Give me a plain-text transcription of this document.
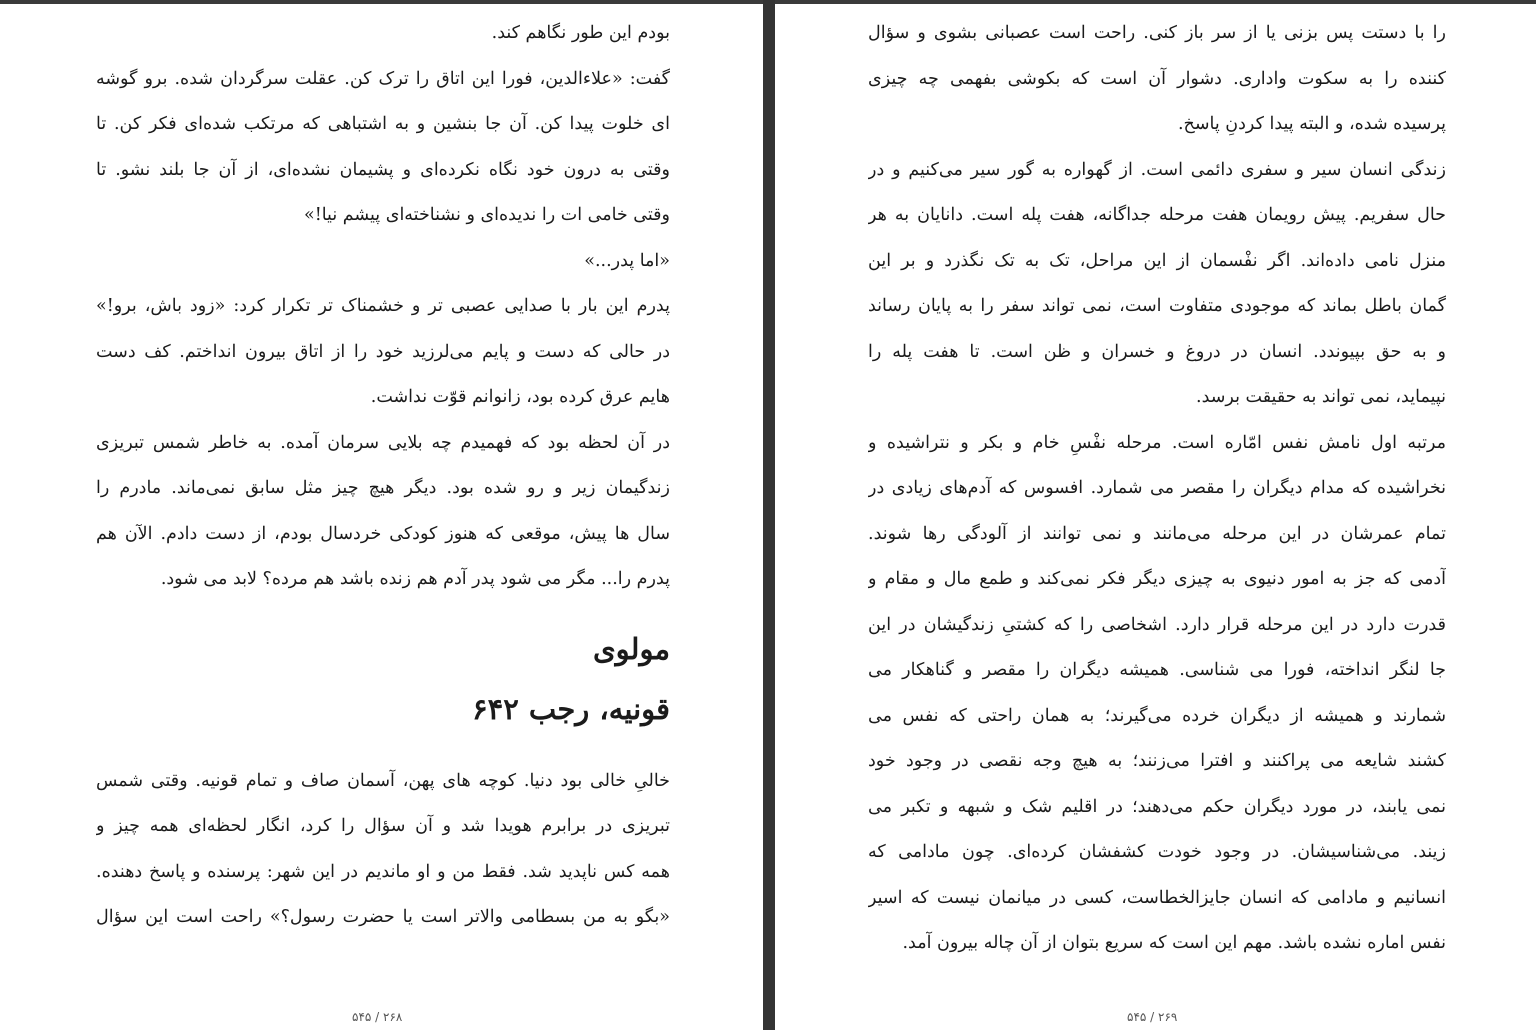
بودم این طور نگاهم کند.
گفت: «علاءالدین، فورا این اتاق را ترک کن. عقلت سرگردان شده. برو گوشه
ای خلوت پیدا کن. آن جا بنشین و به اشتباهی که مرتکب شده‌ای فکر کن. تا
وقتی به درون خود نگاه نکرده‌ای و پشیمان نشده‌ای، از آن جا بلند نشو. تا
وقتی خامی ات را ندیده‌ای و نشناخته‌ای پیشم نیا!»
«اما پدر...»
پدرم این بار با صدایی عصبی تر و خشمناک تر تکرار کرد: «زود باش، برو!»
در حالی که دست و پایم می‌لرزید خود را از اتاق بیرون انداختم. کف دست
هایم عرق کرده بود، زانوانم قوّت نداشت.
در آن لحظه بود که فهمیدم چه بلایی سرمان آمده. به خاطر شمس تبریزی
زندگیمان زیر و رو شده بود. دیگر هیچ چیز مثل سابق نمی‌ماند. مادرم را
سال ها پیش، موقعی که هنوز کودکی خردسال بودم، از دست دادم. الآن هم
پدرم را... مگر می شود پدر آدم هم زنده باشد هم مرده؟ لابد می شود.
مولوی
قونیه، رجب ۶۴۲
خالیِ خالی بود دنیا. کوچه های پهن، آسمان صاف و تمام قونیه. وقتی شمس
تبریزی در برابرم هویدا شد و آن سؤال را کرد، انگار لحظه‌ای همه چیز و
همه کس ناپدید شد. فقط من و او ماندیم در این شهر: پرسنده و پاسخ دهنده.
«بگو به من بسطامی والاتر است یا حضرت رسول؟» راحت است این سؤال
۵۴۵ / ۲۶۸
را با دستت پس بزنی یا از سر باز کنی. راحت است عصبانی بشوی و سؤال
کننده را به سکوت واداری. دشوار آن است که بکوشی بفهمی چه چیزی
پرسیده شده، و البته پیدا کردنِ پاسخ.
زندگی انسان سیر و سفری دائمی است. از گهواره به گور سیر می‌کنیم و در
حال سفریم. پیش رویمان هفت مرحله جداگانه، هفت پله است. دانایان به هر
منزل نامی داده‌اند. اگر نفْسمان از این مراحل، تک به تک نگذرد و بر این
گمان باطل بماند که موجودی متفاوت است، نمی تواند سفر را به پایان رساند
و به حق بپیوندد. انسان در دروغ و خسران و ظن است. تا هفت پله را
نپیماید، نمی تواند به حقیقت برسد.
مرتبه اول نامش نفس امّاره است. مرحله نفْسِ خام و بکر و نتراشیده و
نخراشیده که مدام دیگران را مقصر می شمارد. افسوس که آدم‌های زیادی در
تمام عمرشان در این مرحله می‌مانند و نمی توانند از آلودگی رها شوند.
آدمی که جز به امور دنیوی به چیزی دیگر فکر نمی‌کند و طمع مال و مقام و
قدرت دارد در این مرحله قرار دارد. اشخاصی را که کشتیِ زندگیشان در این
جا لنگر انداخته، فورا می شناسی. همیشه دیگران را مقصر و گناهکار می
شمارند و همیشه از دیگران خرده می‌گیرند؛ به همان راحتی که نفس می
کشند شایعه می پراکنند و افترا می‌زنند؛ به هیچ وجه نقصی در وجود خود
نمی یابند، در مورد دیگران حکم می‌دهند؛ در اقلیم شک و شبهه و تکبر می
زیند. می‌شناسیشان. در وجود خودت کشفشان کرده‌ای. چون مادامی که
انسانیم و مادامی که انسان جایزالخطاست، کسی در میانمان نیست که اسیر
نفس اماره نشده باشد. مهم این است که سریع بتوان از آن چاله بیرون آمد.
۵۴۵ / ۲۶۹
